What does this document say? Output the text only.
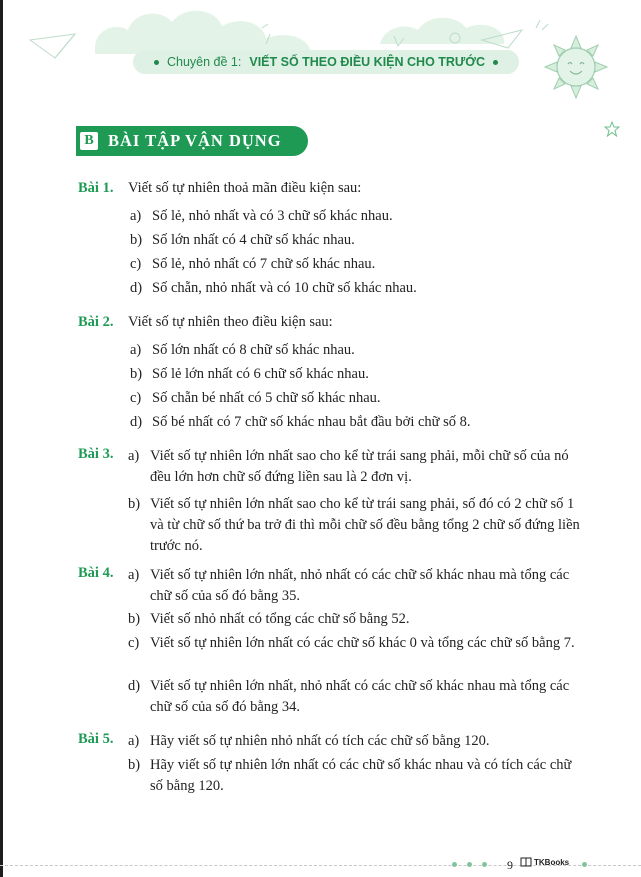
Chuyên đề 1: VIẾT SỐ THEO ĐIỀU KIỆN CHO TRƯỚC
B BÀI TẬP VẬN DỤNG
Bài 1. Viết số tự nhiên thoả mãn điều kiện sau:
a) Số lẻ, nhỏ nhất và có 3 chữ số khác nhau.
b) Số lớn nhất có 4 chữ số khác nhau.
c) Số lẻ, nhỏ nhất có 7 chữ số khác nhau.
d) Số chẵn, nhỏ nhất và có 10 chữ số khác nhau.
Bài 2. Viết số tự nhiên theo điều kiện sau:
a) Số lớn nhất có 8 chữ số khác nhau.
b) Số lẻ lớn nhất có 6 chữ số khác nhau.
c) Số chẵn bé nhất có 5 chữ số khác nhau.
d) Số bé nhất có 7 chữ số khác nhau bắt đầu bởi chữ số 8.
Bài 3. a) Viết số tự nhiên lớn nhất sao cho kể từ trái sang phải, mỗi chữ số của nó đều lớn hơn chữ số đứng liền sau là 2 đơn vị.
b) Viết số tự nhiên lớn nhất sao cho kể từ trái sang phải, số đó có 2 chữ số 1 và từ chữ số thứ ba trở đi thì mỗi chữ số đều bằng tổng 2 chữ số đứng liền trước nó.
Bài 4. a) Viết số tự nhiên lớn nhất, nhỏ nhất có các chữ số khác nhau mà tổng các chữ số của số đó bằng 35.
b) Viết số nhỏ nhất có tổng các chữ số bằng 52.
c) Viết số tự nhiên lớn nhất có các chữ số khác 0 và tổng các chữ số bằng 7.
d) Viết số tự nhiên lớn nhất, nhỏ nhất có các chữ số khác nhau mà tổng các chữ số của số đó bằng 34.
Bài 5. a) Hãy viết số tự nhiên nhỏ nhất có tích các chữ số bằng 120.
b) Hãy viết số tự nhiên lớn nhất có các chữ số khác nhau và có tích các chữ số bằng 120.
9	TKBooks
